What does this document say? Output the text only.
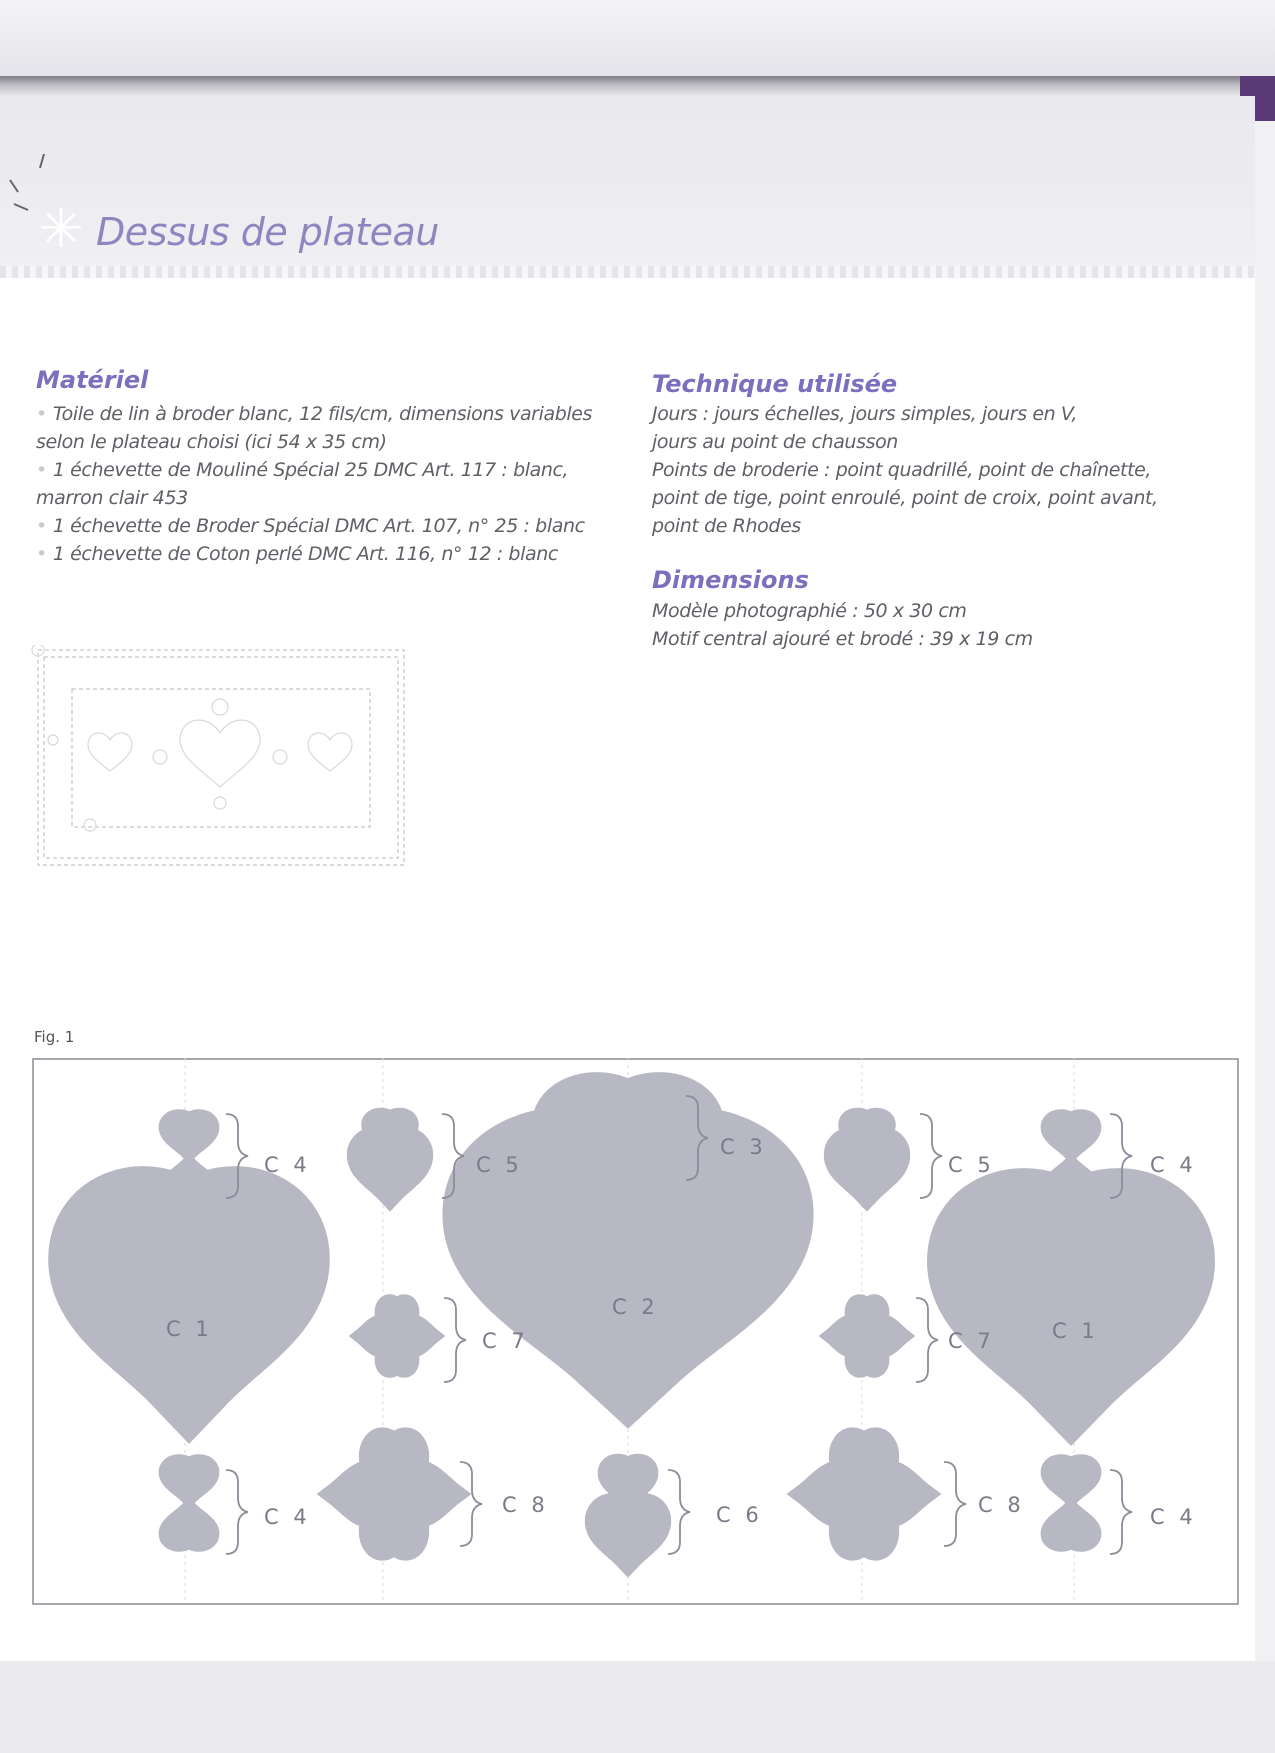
✳ Dessus de plateau
Matériel
• Toile de lin à broder blanc, 12 fils/cm, dimensions variables
selon le plateau choisi (ici 54 x 35 cm)
• 1 échevette de Mouliné Spécial 25 DMC Art. 117 : blanc,
marron clair 453
• 1 échevette de Broder Spécial DMC Art. 107, n° 25 : blanc
• 1 échevette de Coton perlé DMC Art. 116, n° 12 : blanc
Technique utilisée
Jours : jours échelles, jours simples, jours en V,
jours au point de chausson
Points de broderie : point quadrillé, point de chaînette,
point de tige, point enroulé, point de croix, point avant,
point de Rhodes
Dimensions
Modèle photographié : 50 x 30 cm
Motif central ajouré et brodé : 39 x 19 cm
Fig. 1
C 4	C 5
C 3
C 5	C 4
C 1	C 7
C 2
C 7	C 1
C 4	C 8	C 6	C 8	C 4
